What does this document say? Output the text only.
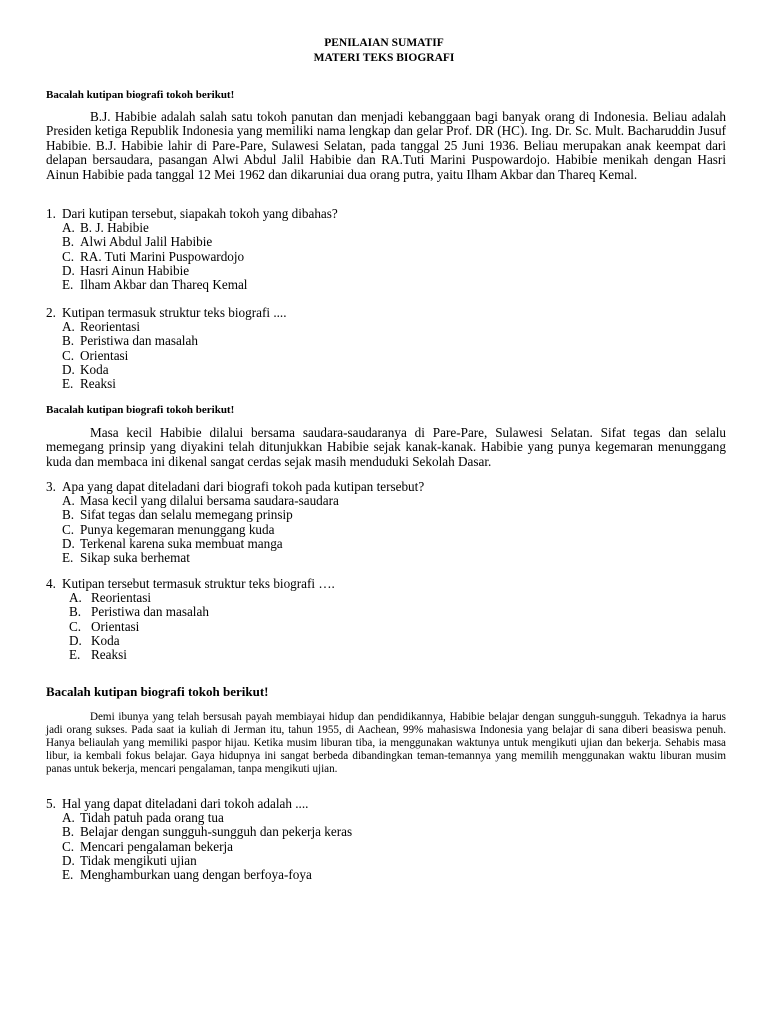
PENILAIAN SUMATIF
MATERI TEKS BIOGRAFI
Bacalah kutipan biografi tokoh berikut!
B.J. Habibie adalah salah satu tokoh panutan dan menjadi kebanggaan bagi banyak orang di Indonesia. Beliau adalah Presiden ketiga Republik Indonesia yang memiliki nama lengkap dan gelar Prof. DR (HC). Ing. Dr. Sc. Mult. Bacharuddin Jusuf Habibie. B.J. Habibie lahir di Pare-Pare, Sulawesi Selatan, pada tanggal 25 Juni 1936. Beliau merupakan anak keempat dari delapan bersaudara, pasangan Alwi Abdul Jalil Habibie dan RA.Tuti Marini Puspowardojo. Habibie menikah dengan Hasri Ainun Habibie pada tanggal 12 Mei 1962 dan dikaruniai dua orang putra, yaitu Ilham Akbar dan Thareq Kemal.
1. Dari kutipan tersebut, siapakah tokoh yang dibahas?
A. B. J. Habibie
B. Alwi Abdul Jalil Habibie
C. RA. Tuti Marini Puspowardojo
D. Hasri Ainun Habibie
E. Ilham Akbar dan Thareq Kemal
2. Kutipan termasuk struktur teks biografi ....
A. Reorientasi
B. Peristiwa dan masalah
C. Orientasi
D. Koda
E. Reaksi
Bacalah kutipan biografi tokoh berikut!
Masa kecil Habibie dilalui bersama saudara-saudaranya di Pare-Pare, Sulawesi Selatan. Sifat tegas dan selalu memegang prinsip yang diyakini telah ditunjukkan Habibie sejak kanak-kanak. Habibie yang punya kegemaran menunggang kuda dan membaca ini dikenal sangat cerdas sejak masih menduduki Sekolah Dasar.
3. Apa yang dapat diteladani dari biografi tokoh pada kutipan tersebut?
A. Masa kecil yang dilalui bersama saudara-saudara
B. Sifat tegas dan selalu memegang prinsip
C. Punya kegemaran menunggang kuda
D. Terkenal karena suka membuat manga
E. Sikap suka berhemat
4. Kutipan tersebut termasuk struktur teks biografi ….
A. Reorientasi
B. Peristiwa dan masalah
C. Orientasi
D. Koda
E. Reaksi
Bacalah kutipan biografi tokoh berikut!
Demi ibunya yang telah bersusah payah membiayai hidup dan pendidikannya, Habibie belajar dengan sungguh-sungguh. Tekadnya ia harus jadi orang sukses. Pada saat ia kuliah di Jerman itu, tahun 1955, di Aachean, 99% mahasiswa Indonesia yang belajar di sana diberi beasiswa penuh. Hanya beliaulah yang memiliki paspor hijau. Ketika musim liburan tiba, ia menggunakan waktunya untuk mengikuti ujian dan bekerja. Sehabis masa libur, ia kembali fokus belajar. Gaya hidupnya ini sangat berbeda dibandingkan teman-temannya yang memilih menggunakan waktu liburan musim panas untuk bekerja, mencari pengalaman, tanpa mengikuti ujian.
5. Hal yang dapat diteladani dari tokoh adalah ....
A. Tidah patuh pada orang tua
B. Belajar dengan sungguh-sungguh dan pekerja keras
C. Mencari pengalaman bekerja
D. Tidak mengikuti ujian
E. Menghamburkan uang dengan berfoya-foya
